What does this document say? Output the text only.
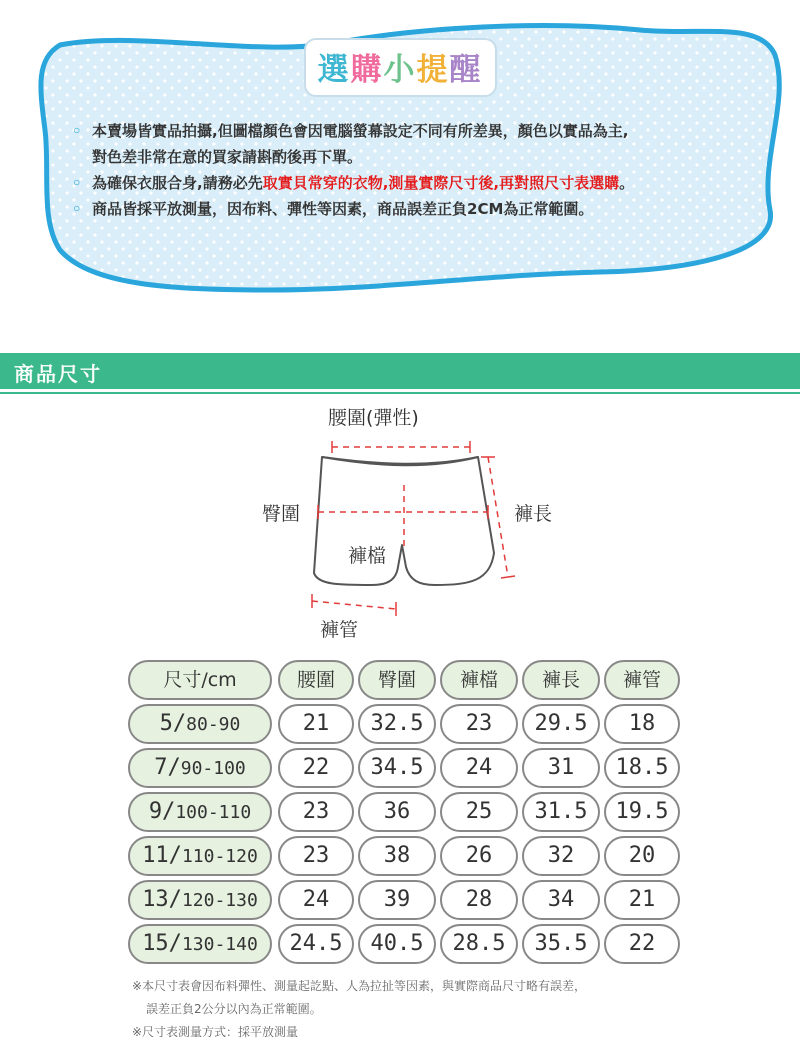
選購小提醒
◦ 本賣場皆實品拍攝,但圖檔顏色會因電腦螢幕設定不同有所差異，顏色以實品為主,
對色差非常在意的買家請斟酌後再下單。
◦ 為確保衣服合身,請務必先取實貝常穿的衣物,測量實際尺寸後,再對照尺寸表選購。
◦ 商品皆採平放測量，因布料、彈性等因素，商品誤差正負2CM為正常範圍。
商品尺寸
腰圍(彈性)
臀圍	褲長
褲檔
褲管
尺寸/cm	腰圍	臀圍	褲檔	褲長	褲管
5/80-90	21	32.5	23	29.5	18
7/90-100	22	34.5	24	31	18.5
9/100-110	23	36	25	31.5	19.5
11/110-120	23	38	26	32	20
13/120-130	24	39	28	34	21
15/130-140	24.5	40.5	28.5	35.5	22
※本尺寸表會因布料彈性、測量起訖點、人為拉扯等因素，與實際商品尺寸略有誤差，
誤差正負2公分以內為正常範圍。
※尺寸表測量方式：採平放測量
